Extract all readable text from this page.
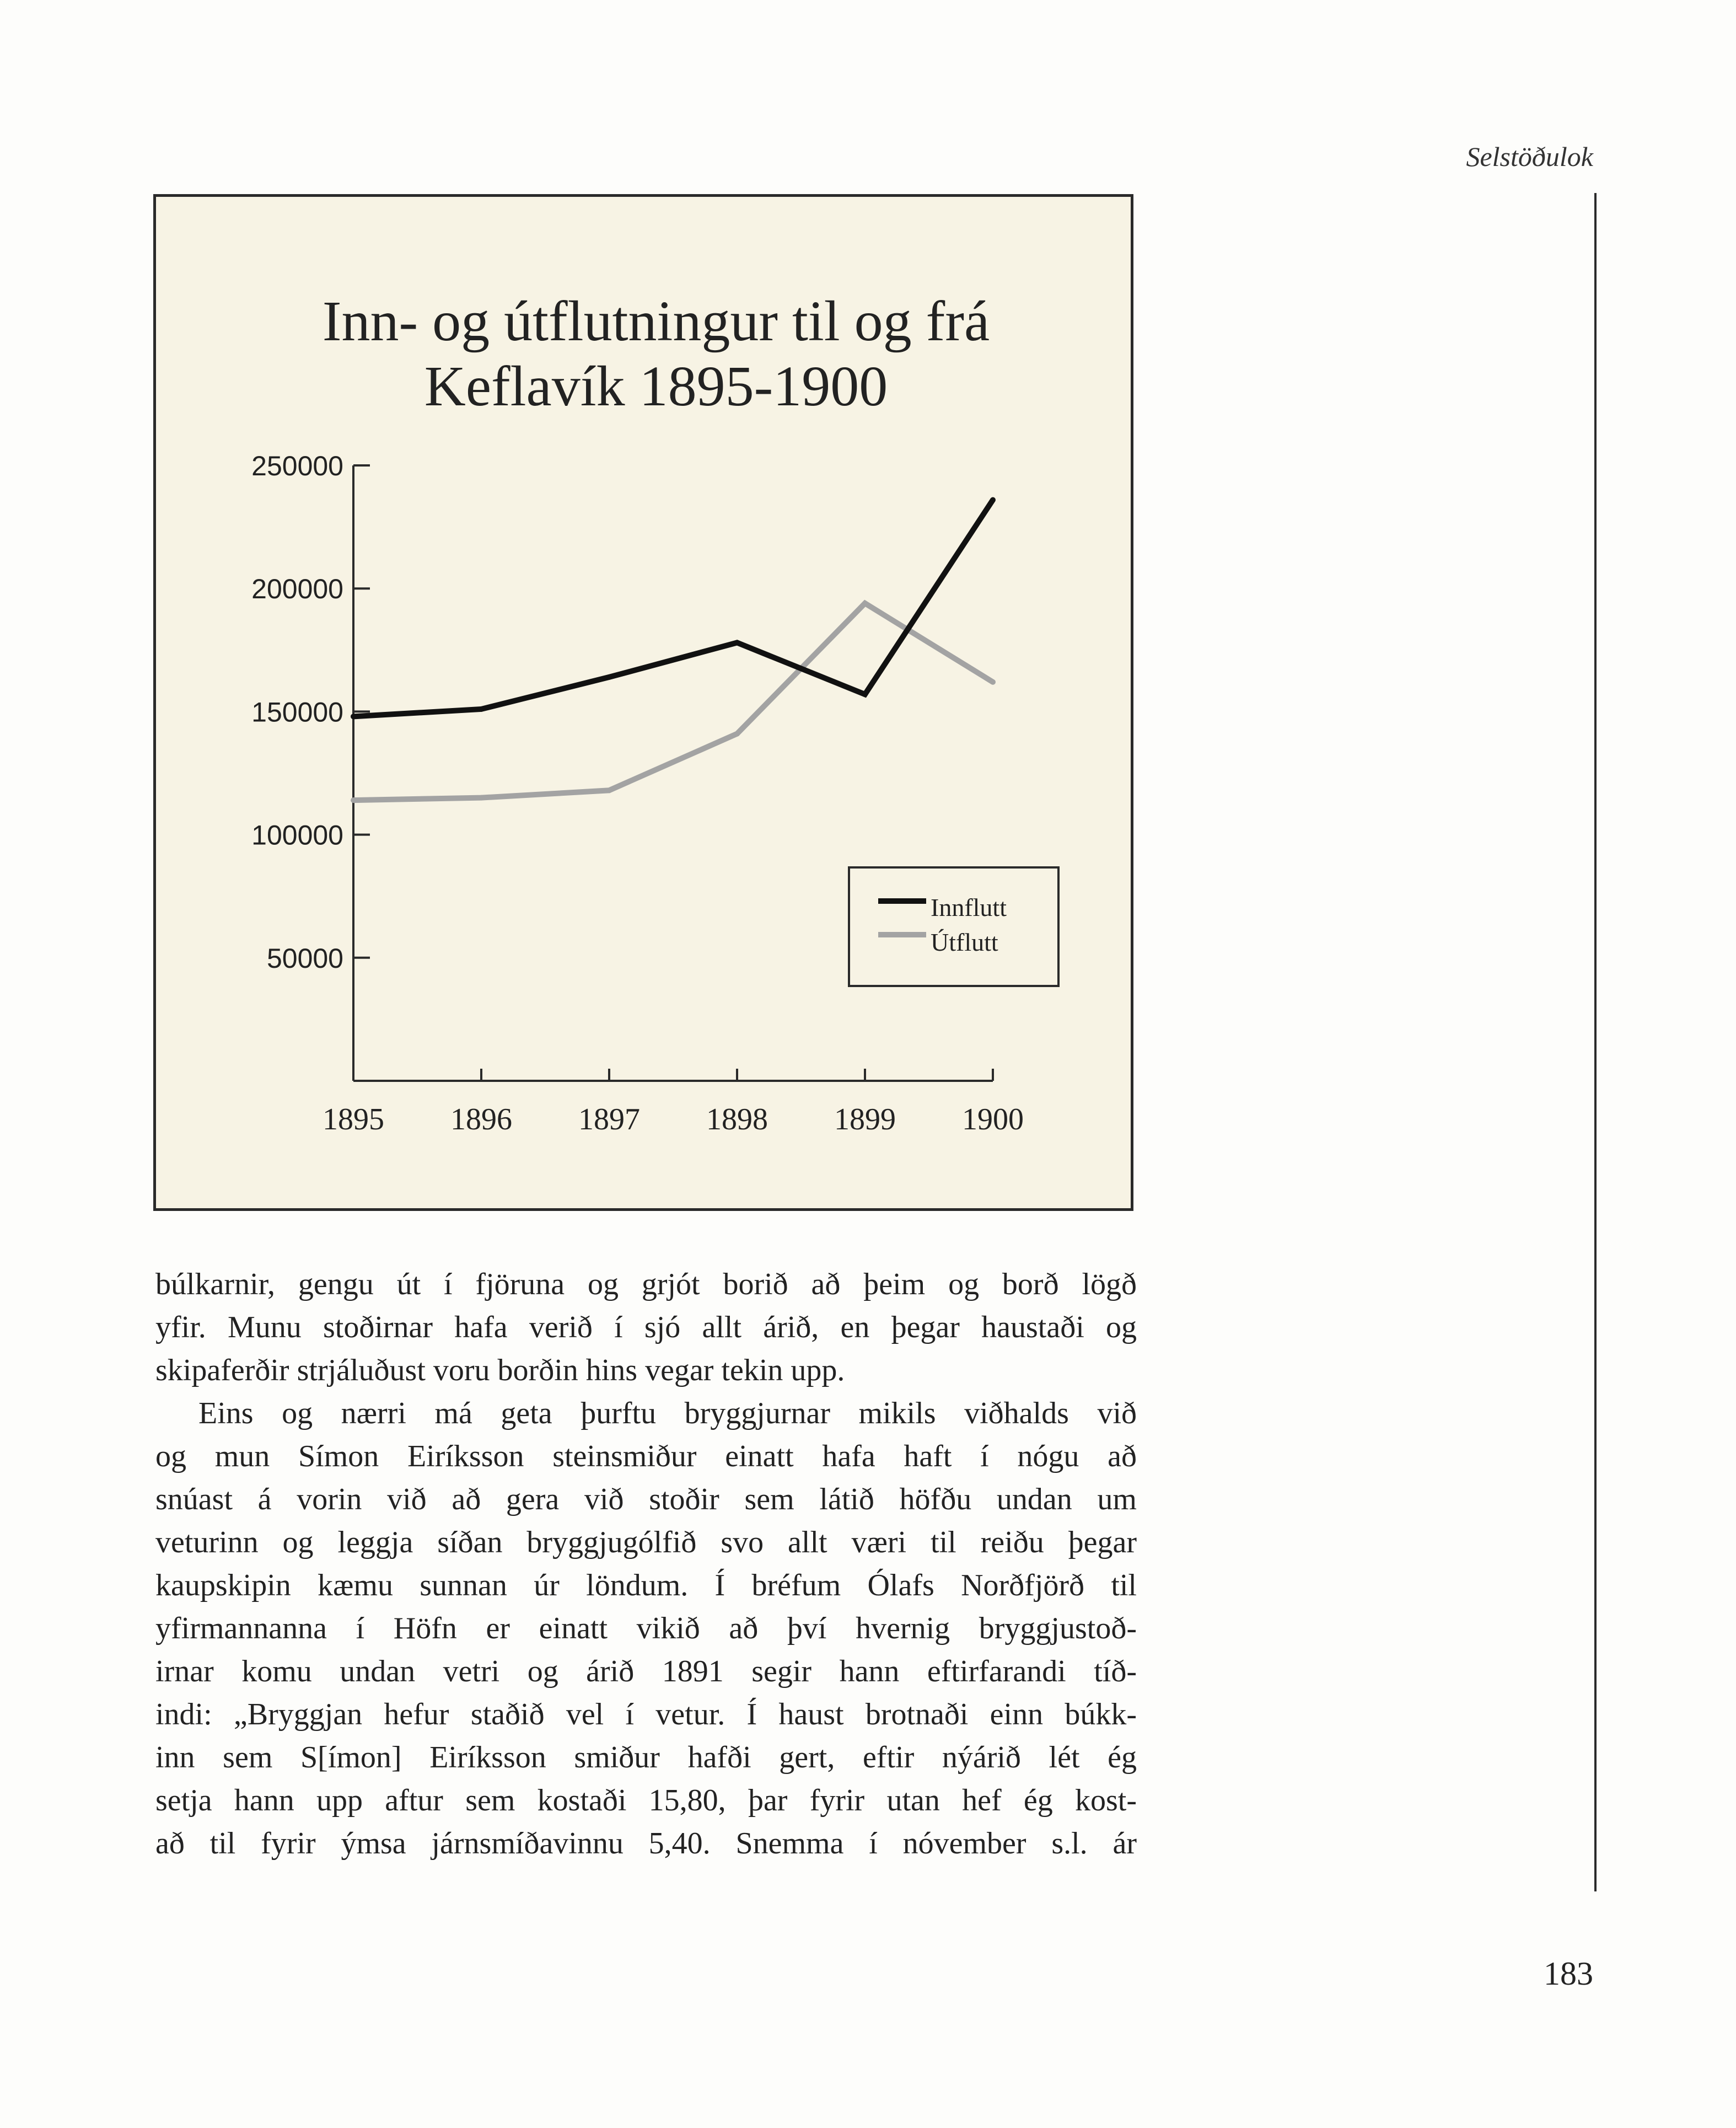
Selstöðulok
Inn- og útflutningur til og frá
Keflavík 1895-1900
50000
100000
150000
200000
250000
1895 1896 1897 1898 1899 1900
Innflutt
Útflutt
búlkarnir, gengu út í fjöruna og grjót borið að þeim og borð lögð
yfir. Munu stoðirnar hafa verið í sjó allt árið, en þegar haustaði og
skipaferðir strjáluðust voru borðin hins vegar tekin upp.
Eins og nærri má geta þurftu bryggjurnar mikils viðhalds við
og mun Símon Eiríksson steinsmiður einatt hafa haft í nógu að
snúast á vorin við að gera við stoðir sem látið höfðu undan um
veturinn og leggja síðan bryggjugólfið svo allt væri til reiðu þegar
kaupskipin kæmu sunnan úr löndum. Í bréfum Ólafs Norðfjörð til
yfirmannanna í Höfn er einatt vikið að því hvernig bryggjustoð-
irnar komu undan vetri og árið 1891 segir hann eftirfarandi tíð-
indi: „Bryggjan hefur staðið vel í vetur. Í haust brotnaði einn búkk-
inn sem S[ímon] Eiríksson smiður hafði gert, eftir nýárið lét ég
setja hann upp aftur sem kostaði 15,80, þar fyrir utan hef ég kost-
að til fyrir ýmsa járnsmíðavinnu 5,40. Snemma í nóvember s.l. ár
183
